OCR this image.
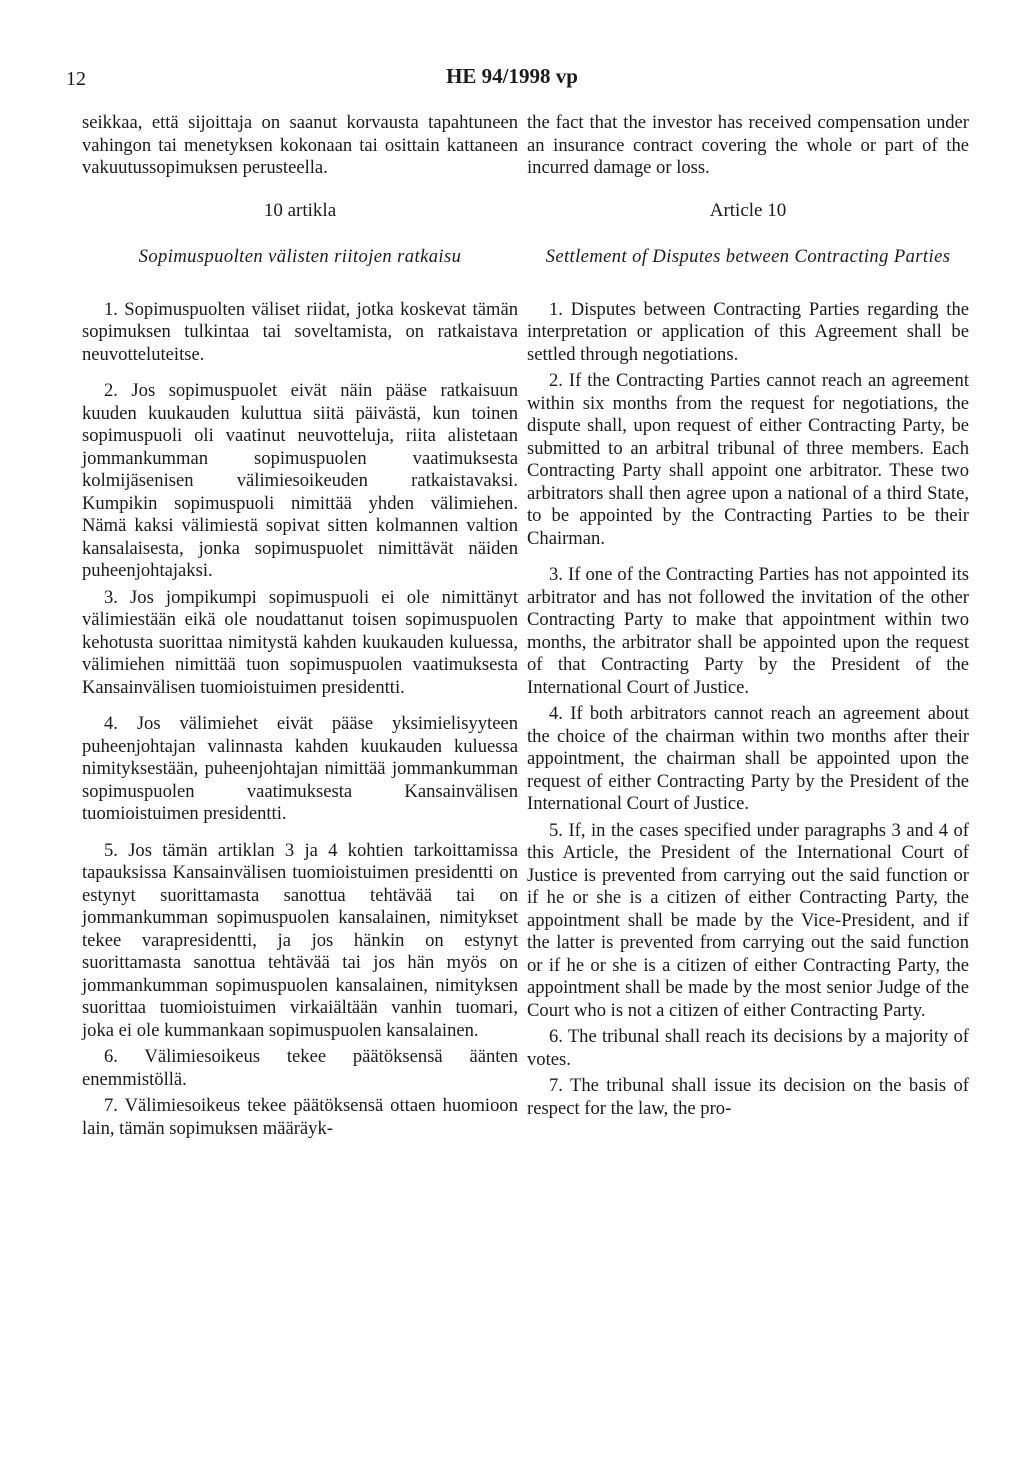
12	HE 94/1998 vp

seikkaa, että sijoittaja on saanut korvausta tapahtuneen vahingon tai menetyksen kokonaan tai osittain kattaneen vakuutussopimuksen perusteella.

10 artikla
Sopimuspuolten välisten riitojen ratkaisu

1. Sopimuspuolten väliset riidat, jotka koskevat tämän sopimuksen tulkintaa tai soveltamista, on ratkaistava neuvotteluteitse.

2. Jos sopimuspuolet eivät näin pääse ratkaisuun kuuden kuukauden kuluttua siitä päivästä, kun toinen sopimuspuoli oli vaatinut neuvotteluja, riita alistetaan jommankumman sopimuspuolen vaatimuksesta kolmijäsenisen välimiesoikeuden ratkaistavaksi. Kumpikin sopimuspuoli nimittää yhden välimiehen. Nämä kaksi välimiestä sopivat sitten kolmannen valtion kansalaisesta, jonka sopimuspuolet nimittävät näiden puheenjohtajaksi.

3. Jos jompikumpi sopimuspuoli ei ole nimittänyt välimiestään eikä ole noudattanut toisen sopimuspuolen kehotusta suorittaa nimitystä kahden kuukauden kuluessa, välimiehen nimittää tuon sopimuspuolen vaatimuksesta Kansainvälisen tuomioistuimen presidentti.

4. Jos välimiehet eivät pääse yksimielisyyteen puheenjohtajan valinnasta kahden kuukauden kuluessa nimityksestään, puheenjohtajan nimittää jommankumman sopimuspuolen vaatimuksesta Kansainvälisen tuomioistuimen presidentti.

5. Jos tämän artiklan 3 ja 4 kohtien tarkoittamissa tapauksissa Kansainvälisen tuomioistuimen presidentti on estynyt suorittamasta sanottua tehtävää tai on jommankumman sopimuspuolen kansalainen, nimitykset tekee varapresidentti, ja jos hänkin on estynyt suorittamasta sanottua tehtävää tai jos hän myös on jommankumman sopimuspuolen kansalainen, nimityksen suorittaa tuomioistuimen virkaiältään vanhin tuomari, joka ei ole kummankaan sopimuspuolen kansalainen.

6. Välimiesoikeus tekee päätöksensä äänten enemmistöllä.

7. Välimiesoikeus tekee päätöksensä ottaen huomioon lain, tämän sopimuksen määräyk-

the fact that the investor has received compensation under an insurance contract covering the whole or part of the incurred damage or loss.

Article 10
Settlement of Disputes between Contracting Parties

1. Disputes between Contracting Parties regarding the interpretation or application of this Agreement shall be settled through negotiations.

2. If the Contracting Parties cannot reach an agreement within six months from the request for negotiations, the dispute shall, upon request of either Contracting Party, be submitted to an arbitral tribunal of three members. Each Contracting Party shall appoint one arbitrator. These two arbitrators shall then agree upon a national of a third State, to be appointed by the Contracting Parties to be their Chairman.

3. If one of the Contracting Parties has not appointed its arbitrator and has not followed the invitation of the other Contracting Party to make that appointment within two months, the arbitrator shall be appointed upon the request of that Contracting Party by the President of the International Court of Justice.

4. If both arbitrators cannot reach an agreement about the choice of the chairman within two months after their appointment, the chairman shall be appointed upon the request of either Contracting Party by the President of the International Court of Justice.

5. If, in the cases specified under paragraphs 3 and 4 of this Article, the President of the International Court of Justice is prevented from carrying out the said function or if he or she is a citizen of either Contracting Party, the appointment shall be made by the Vice-President, and if the latter is prevented from carrying out the said function or if he or she is a citizen of either Contracting Party, the appointment shall be made by the most senior Judge of the Court who is not a citizen of either Contracting Party.

6. The tribunal shall reach its decisions by a majority of votes.

7. The tribunal shall issue its decision on the basis of respect for the law, the pro-
